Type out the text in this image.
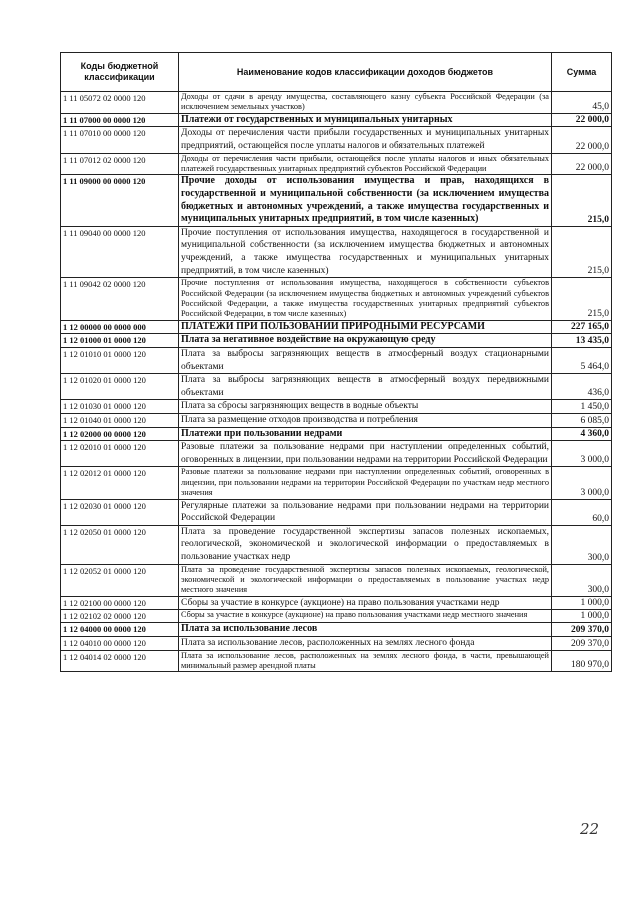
Коды бюджетной классификации	Наименование кодов классификации доходов бюджетов	Сумма
1 11 05072 02 0000 120	Доходы от сдачи в аренду имущества, составляющего казну субъекта Российской Федерации (за исключением земельных участков)	45,0
1 11 07000 00 0000 120	Платежи от государственных и муниципальных унитарных	22 000,0
1 11 07010 00 0000 120	Доходы от перечисления части прибыли государственных и муниципальных унитарных предприятий, остающейся после уплаты налогов и обязательных платежей	22 000,0
1 11 07012 02 0000 120	Доходы от перечисления части прибыли, остающейся после уплаты налогов и иных обязательных платежей государственных унитарных предприятий субъектов Российской Федерации	22 000,0
1 11 09000 00 0000 120	Прочие доходы от использования имущества и прав, находящихся в государственной и муниципальной собственности (за исключением имущества бюджетных и автономных учреждений, а также имущества государственных и муниципальных унитарных предприятий, в том числе казенных)	215,0
1 11 09040 00 0000 120	Прочие поступления от использования имущества, находящегося в государственной и муниципальной собственности (за исключением имущества бюджетных и автономных учреждений, а также имущества государственных и муниципальных унитарных предприятий, в том числе казенных)	215,0
1 11 09042 02 0000 120	Прочие поступления от использования имущества, находящегося в собственности субъектов Российской Федерации (за исключением имущества бюджетных и автономных учреждений субъектов Российской Федерации, а также имущества государственных унитарных предприятий субъектов Российской Федерации, в том числе казенных)	215,0
1 12 00000 00 0000 000	ПЛАТЕЖИ ПРИ ПОЛЬЗОВАНИИ ПРИРОДНЫМИ РЕСУРСАМИ	227 165,0
1 12 01000 01 0000 120	Плата за негативное воздействие на окружающую среду	13 435,0
1 12 01010 01 0000 120	Плата за выбросы загрязняющих веществ в атмосферный воздух стационарными объектами	5 464,0
1 12 01020 01 0000 120	Плата за выбросы загрязняющих веществ в атмосферный воздух передвижными объектами	436,0
1 12 01030 01 0000 120	Плата за сбросы загрязняющих веществ в водные объекты	1 450,0
1 12 01040 01 0000 120	Плата за размещение отходов производства и потребления	6 085,0
1 12 02000 00 0000 120	Платежи при пользовании недрами	4 360,0
1 12 02010 01 0000 120	Разовые платежи за пользование недрами при наступлении определенных событий, оговоренных в лицензии, при пользовании недрами на территории Российской Федерации	3 000,0
1 12 02012 01 0000 120	Разовые платежи за пользование недрами при наступлении определенных событий, оговоренных в лицензии, при пользовании недрами на территории Российской Федерации по участкам недр местного значения	3 000,0
1 12 02030 01 0000 120	Регулярные платежи за пользование недрами при пользовании недрами на территории Российской Федерации	60,0
1 12 02050 01 0000 120	Плата за проведение государственной экспертизы запасов полезных ископаемых, геологической, экономической и экологической информации о предоставляемых в пользование участках недр	300,0
1 12 02052 01 0000 120	Плата за проведение государственной экспертизы запасов полезных ископаемых, геологической, экономической и экологической информации о предоставляемых в пользование участках недр местного значения	300,0
1 12 02100 00 0000 120	Сборы за участие в конкурсе (аукционе) на право пользования участками недр	1 000,0
1 12 02102 02 0000 120	Сборы за участие в конкурсе (аукционе) на право пользования участками недр местного значения	1 000,0
1 12 04000 00 0000 120	Плата за использование лесов	209 370,0
1 12 04010 00 0000 120	Плата за использование лесов, расположенных на землях лесного фонда	209 370,0
1 12 04014 02 0000 120	Плата за использование лесов, расположенных на землях лесного фонда, в части, превышающей минимальный размер арендной платы	180 970,0
22
